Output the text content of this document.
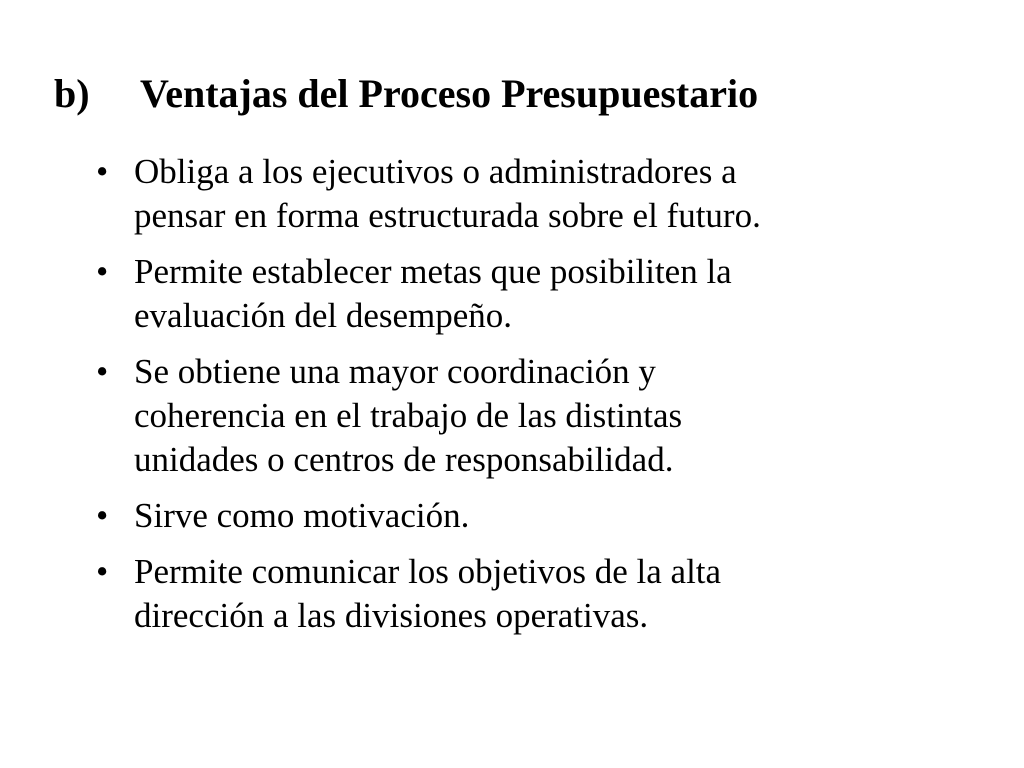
b) Ventajas del Proceso Presupuestario
• Obliga a los ejecutivos o administradores a
pensar en forma estructurada sobre el futuro.
• Permite establecer metas que posibiliten la
evaluación del desempeño.
• Se obtiene una mayor coordinación y
coherencia en el trabajo de las distintas
unidades o centros de responsabilidad.
• Sirve como motivación.
• Permite comunicar los objetivos de la alta
dirección a las divisiones operativas.
